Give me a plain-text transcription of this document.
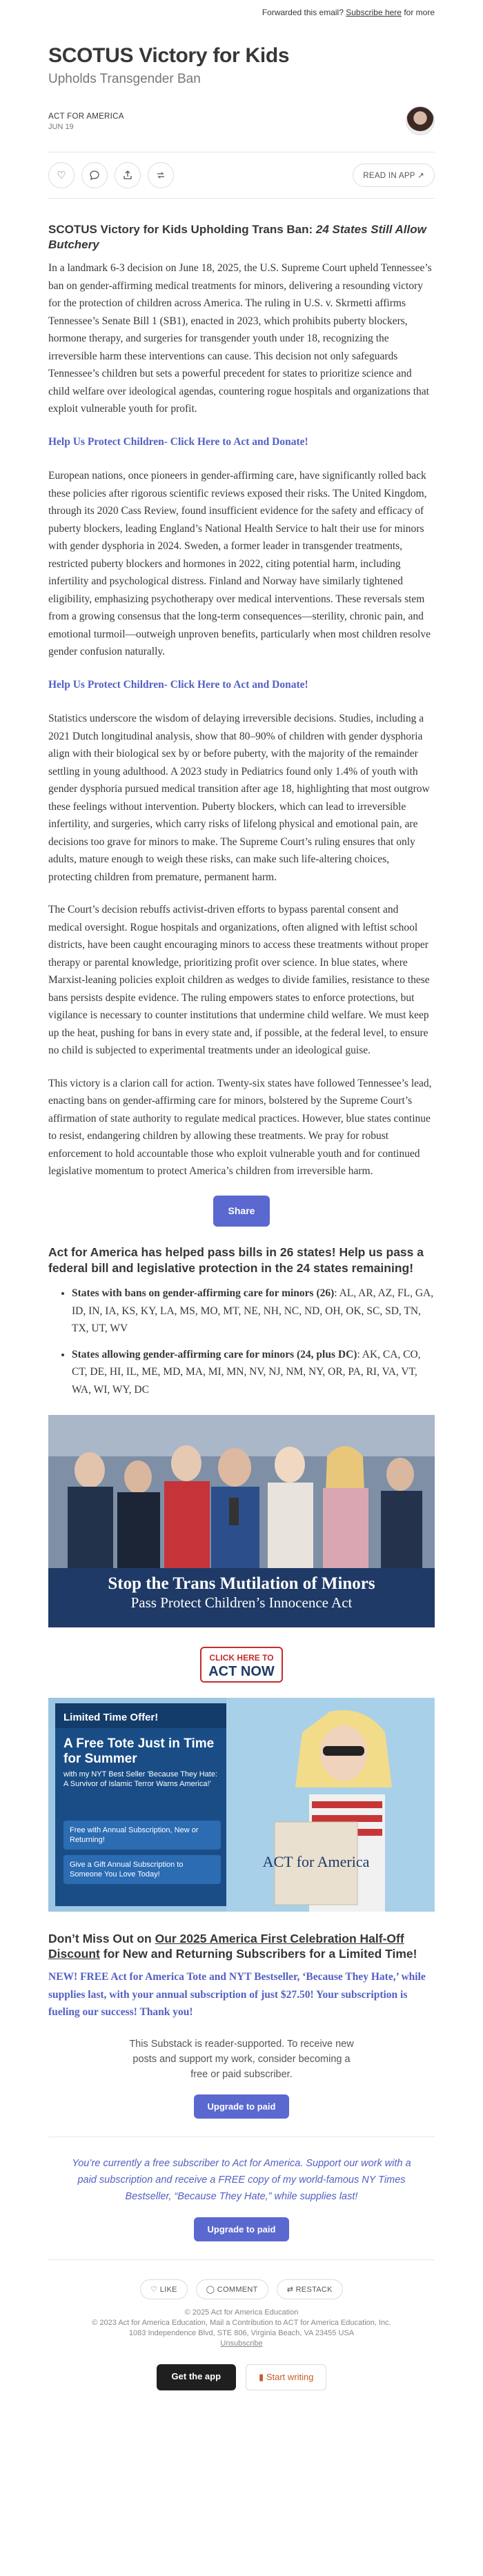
Forwarded this email? Subscribe here for more
SCOTUS Victory for Kids
Upholds Transgender Ban
ACT FOR AMERICA
JUN 19
♡	READ IN APP ↗
SCOTUS Victory for Kids Upholding Trans Ban: 24 States Still Allow Butchery

In a landmark 6-3 decision on June 18, 2025, the U.S. Supreme Court upheld Tennessee’s ban on gender-affirming medical treatments for minors, delivering a resounding victory for the protection of children across America. The ruling in U.S. v. Skrmetti affirms Tennessee’s Senate Bill 1 (SB1), enacted in 2023, which prohibits puberty blockers, hormone therapy, and surgeries for transgender youth under 18, recognizing the irreversible harm these interventions can cause. This decision not only safeguards Tennessee’s children but sets a powerful precedent for states to prioritize science and child welfare over ideological agendas, countering rogue hospitals and organizations that exploit vulnerable youth for profit.

Help Us Protect Children- Click Here to Act and Donate!

European nations, once pioneers in gender-affirming care, have significantly rolled back these policies after rigorous scientific reviews exposed their risks. The United Kingdom, through its 2020 Cass Review, found insufficient evidence for the safety and efficacy of puberty blockers, leading England’s National Health Service to halt their use for minors with gender dysphoria in 2024. Sweden, a former leader in transgender treatments, restricted puberty blockers and hormones in 2022, citing potential harm, including infertility and psychological distress. Finland and Norway have similarly tightened eligibility, emphasizing psychotherapy over medical interventions. These reversals stem from a growing consensus that the long-term consequences—sterility, chronic pain, and emotional turmoil—outweigh unproven benefits, particularly when most children resolve gender confusion naturally.

Help Us Protect Children- Click Here to Act and Donate!

Statistics underscore the wisdom of delaying irreversible decisions. Studies, including a 2021 Dutch longitudinal analysis, show that 80–90% of children with gender dysphoria align with their biological sex by or before puberty, with the majority of the remainder settling in young adulthood. A 2023 study in Pediatrics found only 1.4% of youth with gender dysphoria pursued medical transition after age 18, highlighting that most outgrow these feelings without intervention. Puberty blockers, which can lead to irreversible infertility, and surgeries, which carry risks of lifelong physical and emotional pain, are decisions too grave for minors to make. The Supreme Court’s ruling ensures that only adults, mature enough to weigh these risks, can make such life-altering choices, protecting children from premature, permanent harm.

The Court’s decision rebuffs activist-driven efforts to bypass parental consent and medical oversight. Rogue hospitals and organizations, often aligned with leftist school districts, have been caught encouraging minors to access these treatments without proper therapy or parental knowledge, prioritizing profit over science. In blue states, where Marxist-leaning policies exploit children as wedges to divide families, resistance to these bans persists despite evidence. The ruling empowers states to enforce protections, but vigilance is necessary to counter institutions that undermine child welfare. We must keep up the heat, pushing for bans in every state and, if possible, at the federal level, to ensure no child is subjected to experimental treatments under an ideological guise.

This victory is a clarion call for action. Twenty-six states have followed Tennessee’s lead, enacting bans on gender-affirming care for minors, bolstered by the Supreme Court’s affirmation of state authority to regulate medical practices. However, blue states continue to resist, endangering children by allowing these treatments. We pray for robust enforcement to hold accountable those who exploit vulnerable youth and for continued legislative momentum to protect America’s children from irreversible harm.

Share
Act for America has helped pass bills in 26 states! Help us pass a federal bill and legislative protection in the 24 states remaining!
• States with bans on gender-affirming care for minors (26): AL, AR, AZ, FL, GA, ID, IN, IA, KS, KY, LA, MS, MO, MT, NE, NH, NC, ND, OH, OK, SC, SD, TN, TX, UT, WV
• States allowing gender-affirming care for minors (24, plus DC): AK, CA, CO, CT, DE, HI, IL, ME, MD, MA, MI, MN, NV, NJ, NM, NY, OR, PA, RI, VA, VT, WA, WI, WY, DC
Stop the Trans Mutilation of Minors
Pass Protect Children’s Innocence Act
CLICK HERE TO
ACT NOW
Limited Time Offer!
A Free Tote Just in Time for Summer
with my NYT Best Seller 'Because They Hate: A Survivor of Islamic Terror Warns America!'
Free with Annual Subscription, New or Returning!
Give a Gift Annual Subscription to Someone You Love Today!
ACT for America
Don’t Miss Out on Our 2025 America First Celebration Half-Off Discount for New and Returning Subscribers for a Limited Time!

NEW! FREE Act for America Tote and NYT Bestseller, ‘Because They Hate,’ while supplies last, with your annual subscription of just $27.50! Your subscription is fueling our success! Thank you!

This Substack is reader-supported. To receive new posts and support my work, consider becoming a free or paid subscriber.
Upgrade to paid
You’re currently a free subscriber to Act for America. Support our work with a paid subscription and receive a FREE copy of my world-famous NY Times Bestseller, “Because They Hate,” while supplies last!
Upgrade to paid
♡ LIKE	◯ COMMENT	⇄ RESTACK
© 2025 Act for America Education
© 2023 Act for America Education, Mail a Contribution to ACT for America Education, Inc.
1083 Independence Blvd, STE 806, Virginia Beach, VA 23455 USA
Unsubscribe
Get the app	▮ Start writing
